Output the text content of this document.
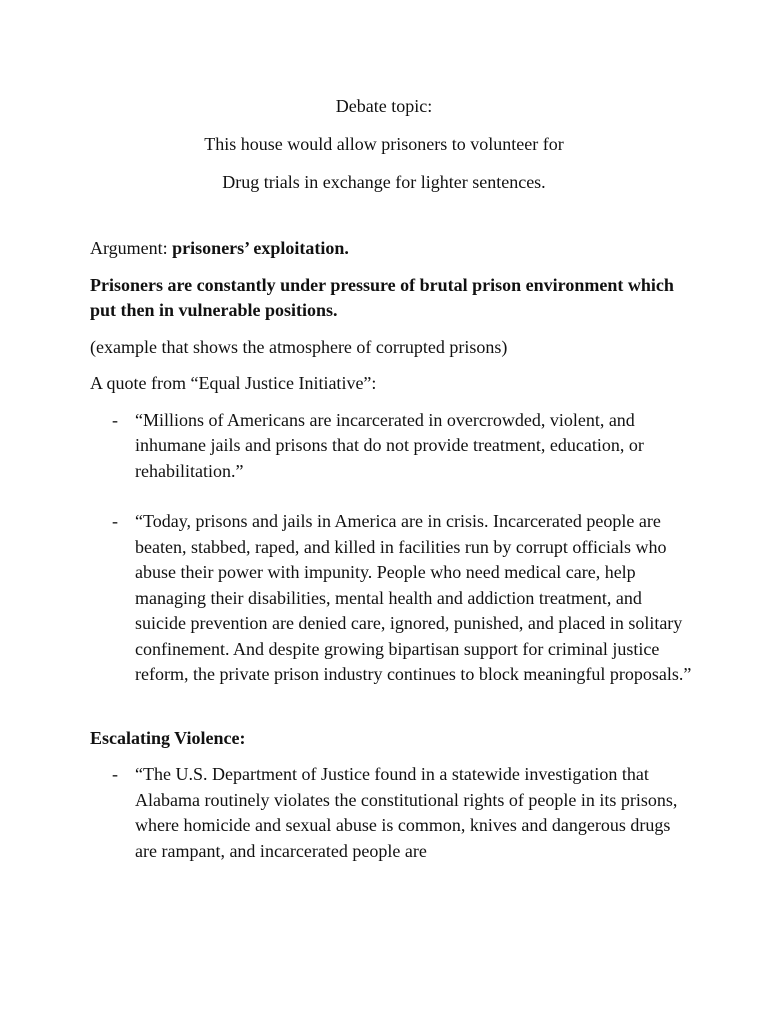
Debate topic:
This house would allow prisoners to volunteer for
Drug trials in exchange for lighter sentences.

Argument: prisoners’ exploitation.

Prisoners are constantly under pressure of brutal prison environment which put then in vulnerable positions.

(example that shows the atmosphere of corrupted prisons)

A quote from “Equal Justice Initiative”:

- “Millions of Americans are incarcerated in overcrowded, violent, and inhumane jails and prisons that do not provide treatment, education, or rehabilitation.”
- “Today, prisons and jails in America are in crisis. Incarcerated people are beaten, stabbed, raped, and killed in facilities run by corrupt officials who abuse their power with impunity. People who need medical care, help managing their disabilities, mental health and addiction treatment, and suicide prevention are denied care, ignored, punished, and placed in solitary confinement. And despite growing bipartisan support for criminal justice reform, the private prison industry continues to block meaningful proposals.”

Escalating Violence:

- “The U.S. Department of Justice found in a statewide investigation that Alabama routinely violates the constitutional rights of people in its prisons, where homicide and sexual abuse is common, knives and dangerous drugs are rampant, and incarcerated people are
